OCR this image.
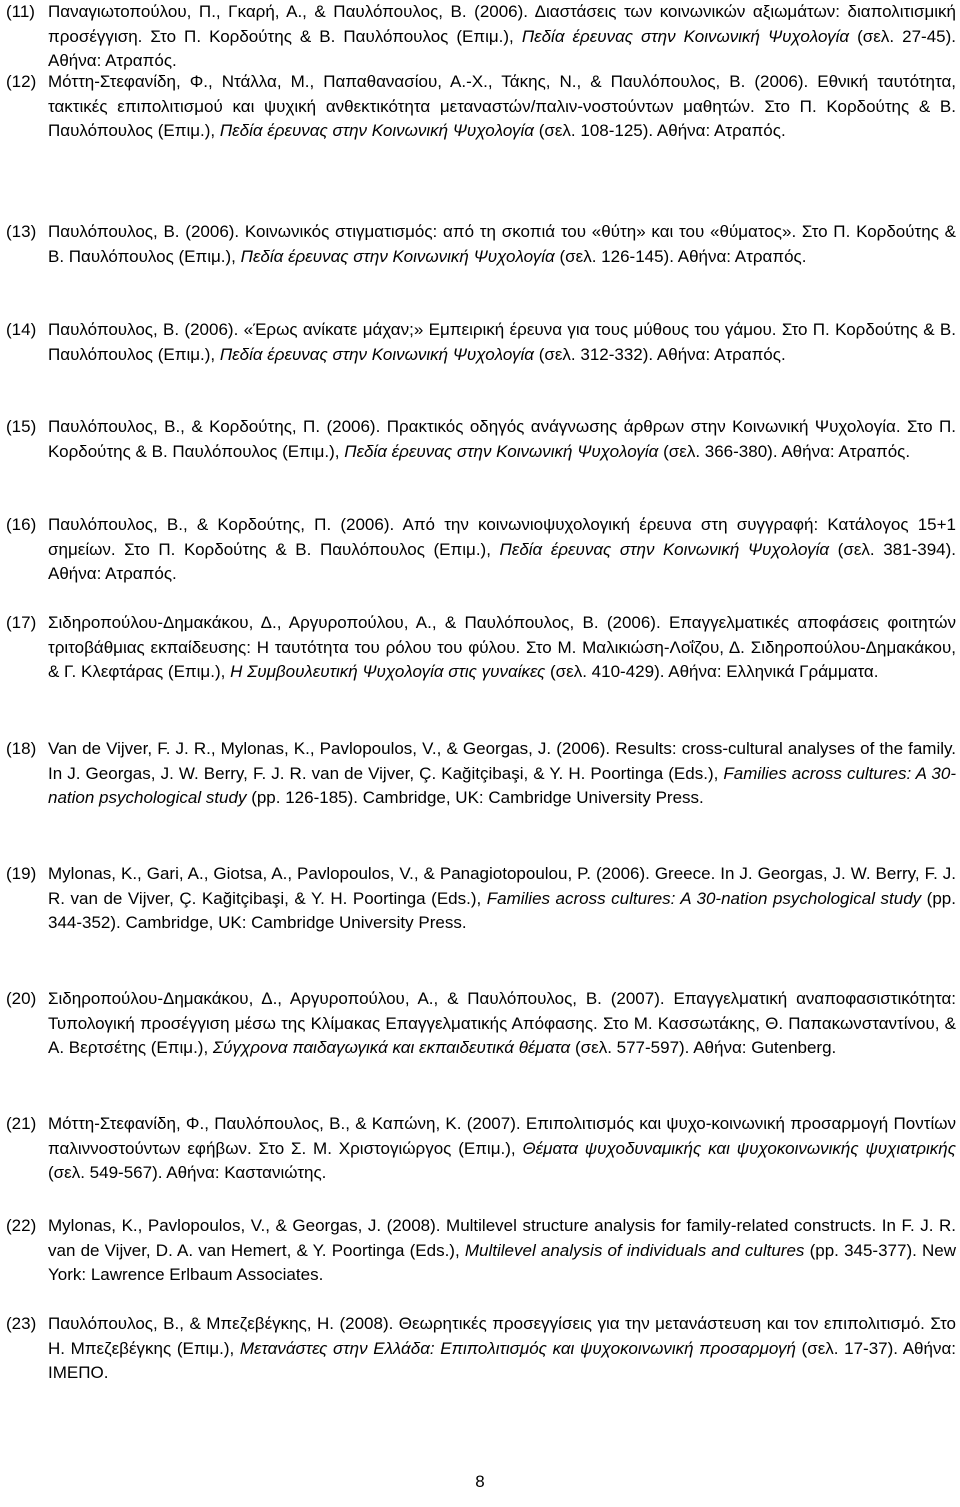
(11) Παναγιωτοπούλου, Π., Γκαρή, Α., & Παυλόπουλος, Β. (2006). Διαστάσεις των κοινωνικών αξιωμάτων: διαπολιτισμική προσέγγιση. Στο Π. Κορδούτης & Β. Παυλόπουλος (Επιμ.), Πεδία έρευνας στην Κοινωνική Ψυχολογία (σελ. 27-45). Αθήνα: Ατραπός.
(12) Μόττη-Στεφανίδη, Φ., Ντάλλα, Μ., Παπαθανασίου, Α.-Χ., Τάκης, Ν., & Παυλόπουλος, Β. (2006). Εθνική ταυτότητα, τακτικές επιπολιτισμού και ψυχική ανθεκτικότητα μεταναστών/παλιν-νοστούντων μαθητών. Στο Π. Κορδούτης & Β. Παυλόπουλος (Επιμ.), Πεδία έρευνας στην Κοινωνική Ψυχολογία (σελ. 108-125). Αθήνα: Ατραπός.
(13) Παυλόπουλος, Β. (2006). Κοινωνικός στιγματισμός: από τη σκοπιά του «θύτη» και του «θύματος». Στο Π. Κορδούτης & Β. Παυλόπουλος (Επιμ.), Πεδία έρευνας στην Κοινωνική Ψυχολογία (σελ. 126-145). Αθήνα: Ατραπός.
(14) Παυλόπουλος, Β. (2006). «Έρως ανίκατε μάχαν;» Εμπειρική έρευνα για τους μύθους του γάμου. Στο Π. Κορδούτης & Β. Παυλόπουλος (Επιμ.), Πεδία έρευνας στην Κοινωνική Ψυχολογία (σελ. 312-332). Αθήνα: Ατραπός.
(15) Παυλόπουλος, Β., & Κορδούτης, Π. (2006). Πρακτικός οδηγός ανάγνωσης άρθρων στην Κοινωνική Ψυχολογία. Στο Π. Κορδούτης & Β. Παυλόπουλος (Επιμ.), Πεδία έρευνας στην Κοινωνική Ψυχολογία (σελ. 366-380). Αθήνα: Ατραπός.
(16) Παυλόπουλος, Β., & Κορδούτης, Π. (2006). Από την κοινωνιοψυχολογική έρευνα στη συγγραφή: Κατάλογος 15+1 σημείων. Στο Π. Κορδούτης & Β. Παυλόπουλος (Επιμ.), Πεδία έρευνας στην Κοινωνική Ψυχολογία (σελ. 381-394). Αθήνα: Ατραπός.
(17) Σιδηροπούλου-Δημακάκου, Δ., Αργυροπούλου, Α., & Παυλόπουλος, Β. (2006). Επαγγελματικές αποφάσεις φοιτητών τριτοβάθμιας εκπαίδευσης: Η ταυτότητα του ρόλου του φύλου. Στο Μ. Μαλικιώση-Λοΐζου, Δ. Σιδηροπούλου-Δημακάκου, & Γ. Κλεφτάρας (Επιμ.), Η Συμβουλευτική Ψυχολογία στις γυναίκες (σελ. 410-429). Αθήνα: Ελληνικά Γράμματα.
(18) Van de Vijver, F. J. R., Mylonas, K., Pavlopoulos, V., & Georgas, J. (2006). Results: cross-cultural analyses of the family. In J. Georgas, J. W. Berry, F. J. R. van de Vijver, Ç. Kağitçibaşi, & Y. H. Poortinga (Eds.), Families across cultures: A 30-nation psychological study (pp. 126-185). Cambridge, UK: Cambridge University Press.
(19) Mylonas, K., Gari, A., Giotsa, A., Pavlopoulos, V., & Panagiotopoulou, P. (2006). Greece. In J. Georgas, J. W. Berry, F. J. R. van de Vijver, Ç. Kağitçibaşi, & Y. H. Poortinga (Eds.), Families across cultures: A 30-nation psychological study (pp. 344-352). Cambridge, UK: Cambridge University Press.
(20) Σιδηροπούλου-Δημακάκου, Δ., Αργυροπούλου, Α., & Παυλόπουλος, Β. (2007). Επαγγελματική αναποφασιστικότητα: Τυπολογική προσέγγιση μέσω της Κλίμακας Επαγγελματικής Απόφασης. Στο Μ. Κασσωτάκης, Θ. Παπακωνσταντίνου, & Α. Βερτσέτης (Επιμ.), Σύγχρονα παιδαγωγικά και εκπαιδευτικά θέματα (σελ. 577-597). Αθήνα: Gutenberg.
(21) Μόττη-Στεφανίδη, Φ., Παυλόπουλος, Β., & Καπώνη, Κ. (2007). Επιπολιτισμός και ψυχο-κοινωνική προσαρμογή Ποντίων παλιννοστούντων εφήβων. Στο Σ. Μ. Χριστογιώργος (Επιμ.), Θέματα ψυχοδυναμικής και ψυχοκοινωνικής ψυχιατρικής (σελ. 549-567). Αθήνα: Καστανιώτης.
(22) Mylonas, K., Pavlopoulos, V., & Georgas, J. (2008). Multilevel structure analysis for family-related constructs. In F. J. R. van de Vijver, D. A. van Hemert, & Y. Poortinga (Eds.), Multilevel analysis of individuals and cultures (pp. 345-377). New York: Lawrence Erlbaum Associates.
(23) Παυλόπουλος, Β., & Μπεζεβέγκης, Η. (2008). Θεωρητικές προσεγγίσεις για την μετανάστευση και τον επιπολιτισμό. Στο Η. Μπεζεβέγκης (Επιμ.), Μετανάστες στην Ελλάδα: Επιπολιτισμός και ψυχοκοινωνική προσαρμογή (σελ. 17-37). Αθήνα: ΙΜΕΠΟ.
8
